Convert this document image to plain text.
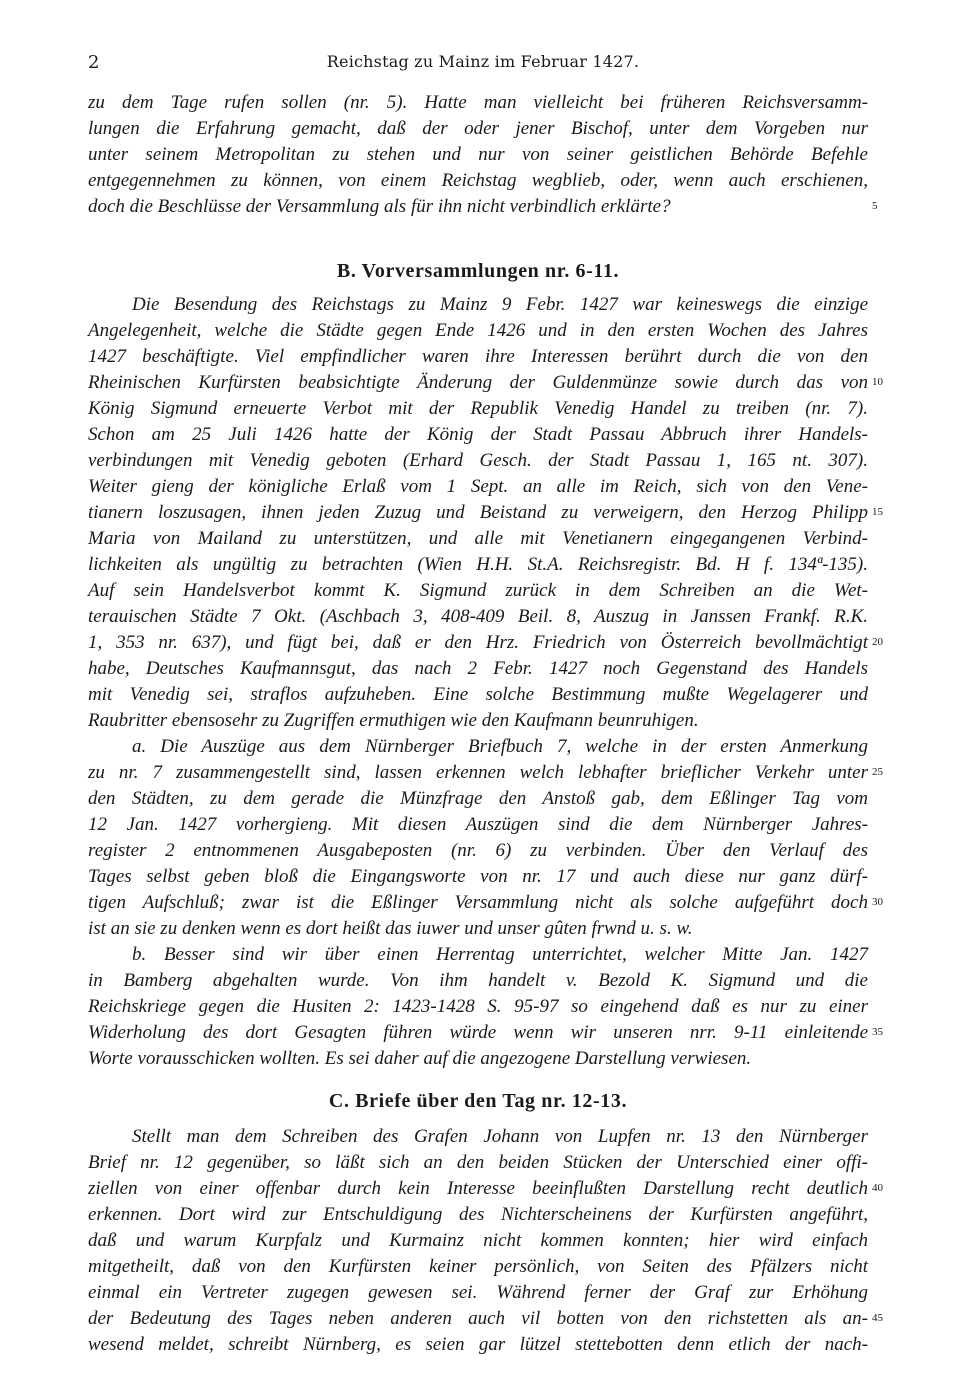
2	Reichstag zu Mainz im Februar 1427.
zu dem Tage rufen sollen (nr. 5). Hatte man vielleicht bei früheren Reichsversamm-
lungen die Erfahrung gemacht, daß der oder jener Bischof, unter dem Vorgeben nur
unter seinem Metropolitan zu stehen und nur von seiner geistlichen Behörde Befehle
entgegennehmen zu können, von einem Reichstag wegblieb, oder, wenn auch erschienen,
doch die Beschlüsse der Versammlung als für ihn nicht verbindlich erklärte?	5
B. Vorversammlungen nr. 6-11.
Die Besendung des Reichstags zu Mainz 9 Febr. 1427 war keineswegs die einzige
Angelegenheit, welche die Städte gegen Ende 1426 und in den ersten Wochen des Jahres
1427 beschäftigte. Viel empfindlicher waren ihre Interessen berührt durch die von den
Rheinischen Kurfürsten beabsichtigte Änderung der Guldenmünze sowie durch das von 10
König Sigmund erneuerte Verbot mit der Republik Venedig Handel zu treiben (nr. 7).
Schon am 25 Juli 1426 hatte der König der Stadt Passau Abbruch ihrer Handels-
verbindungen mit Venedig geboten (Erhard Gesch. der Stadt Passau 1, 165 nt. 307).
Weiter gieng der königliche Erlaß vom 1 Sept. an alle im Reich, sich von den Vene-
tianern loszusagen, ihnen jeden Zuzug und Beistand zu verweigern, den Herzog Philipp 15
Maria von Mailand zu unterstützen, und alle mit Venetianern eingegangenen Verbind-
lichkeiten als ungültig zu betrachten (Wien H.H. St.A. Reichsregistr. Bd. H f. 134ª-135).
Auf sein Handelsverbot kommt K. Sigmund zurück in dem Schreiben an die Wet-
terauischen Städte 7 Okt. (Aschbach 3, 408-409 Beil. 8, Auszug in Janssen Frankf. R.K.
1, 353 nr. 637), und fügt bei, daß er den Hrz. Friedrich von Österreich bevollmächtigt 20
habe, Deutsches Kaufmannsgut, das nach 2 Febr. 1427 noch Gegenstand des Handels
mit Venedig sei, straflos aufzuheben. Eine solche Bestimmung mußte Wegelagerer und
Raubritter ebensosehr zu Zugriffen ermuthigen wie den Kaufmann beunruhigen.
a. Die Auszüge aus dem Nürnberger Briefbuch 7, welche in der ersten Anmerkung
zu nr. 7 zusammengestellt sind, lassen erkennen welch lebhafter brieflicher Verkehr unter 25
den Städten, zu dem gerade die Münzfrage den Anstoß gab, dem Eßlinger Tag vom
12 Jan. 1427 vorhergieng. Mit diesen Auszügen sind die dem Nürnberger Jahres-
register 2 entnommenen Ausgabeposten (nr. 6) zu verbinden. Über den Verlauf des
Tages selbst geben bloß die Eingangsworte von nr. 17 und auch diese nur ganz dürf-
tigen Aufschluß; zwar ist die Eßlinger Versammlung nicht als solche aufgeführt doch 30
ist an sie zu denken wenn es dort heißt das iuwer und unser gûten frwnd u. s. w.
b. Besser sind wir über einen Herrentag unterrichtet, welcher Mitte Jan. 1427
in Bamberg abgehalten wurde. Von ihm handelt v. Bezold K. Sigmund und die
Reichskriege gegen die Husiten 2: 1423-1428 S. 95-97 so eingehend daß es nur zu einer
Widerholung des dort Gesagten führen würde wenn wir unseren nrr. 9-11 einleitende 35
Worte vorausschicken wollten. Es sei daher auf die angezogene Darstellung verwiesen.
C. Briefe über den Tag nr. 12-13.
Stellt man dem Schreiben des Grafen Johann von Lupfen nr. 13 den Nürnberger
Brief nr. 12 gegenüber, so läßt sich an den beiden Stücken der Unterschied einer offi-
ziellen von einer offenbar durch kein Interesse beeinflußten Darstellung recht deutlich 40
erkennen. Dort wird zur Entschuldigung des Nichterscheinens der Kurfürsten angeführt,
daß und warum Kurpfalz und Kurmainz nicht kommen konnten; hier wird einfach
mitgetheilt, daß von den Kurfürsten keiner persönlich, von Seiten des Pfälzers nicht
einmal ein Vertreter zugegen gewesen sei. Während ferner der Graf zur Erhöhung
der Bedeutung des Tages neben anderen auch vil botten von den richstetten als an- 45
wesend meldet, schreibt Nürnberg, es seien gar lützel stettebotten denn etlich der nach-
